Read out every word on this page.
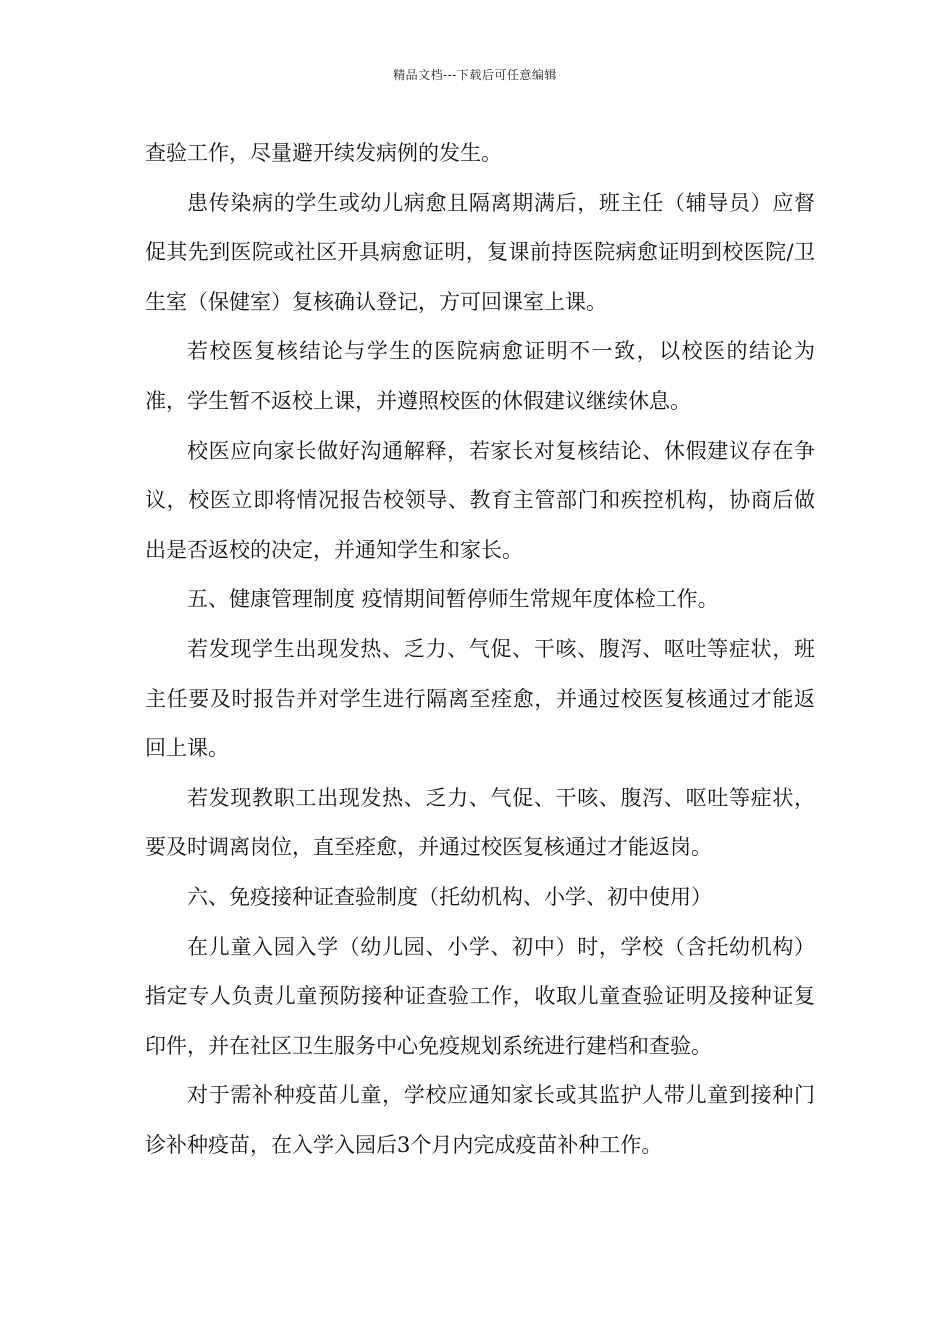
精品文档---下载后可任意编辑

查验工作，尽量避开续发病例的发生。

患传染病的学生或幼儿病愈且隔离期满后，班主任（辅导员）应督促其先到医院或社区开具病愈证明，复课前持医院病愈证明到校医院/卫生室（保健室）复核确认登记，方可回课室上课。

若校医复核结论与学生的医院病愈证明不一致，以校医的结论为准，学生暂不返校上课，并遵照校医的休假建议继续休息。

校医应向家长做好沟通解释，若家长对复核结论、休假建议存在争议，校医立即将情况报告校领导、教育主管部门和疾控机构，协商后做出是否返校的决定，并通知学生和家长。

五、健康管理制度 疫情期间暂停师生常规年度体检工作。

若发现学生出现发热、乏力、气促、干咳、腹泻、呕吐等症状，班主任要及时报告并对学生进行隔离至痊愈，并通过校医复核通过才能返回上课。

若发现教职工出现发热、乏力、气促、干咳、腹泻、呕吐等症状，要及时调离岗位，直至痊愈，并通过校医复核通过才能返岗。

六、免疫接种证查验制度（托幼机构、小学、初中使用）

在儿童入园入学（幼儿园、小学、初中）时，学校（含托幼机构）指定专人负责儿童预防接种证查验工作，收取儿童查验证明及接种证复印件，并在社区卫生服务中心免疫规划系统进行建档和查验。

对于需补种疫苗儿童，学校应通知家长或其监护人带儿童到接种门诊补种疫苗，在入学入园后3个月内完成疫苗补种工作。
